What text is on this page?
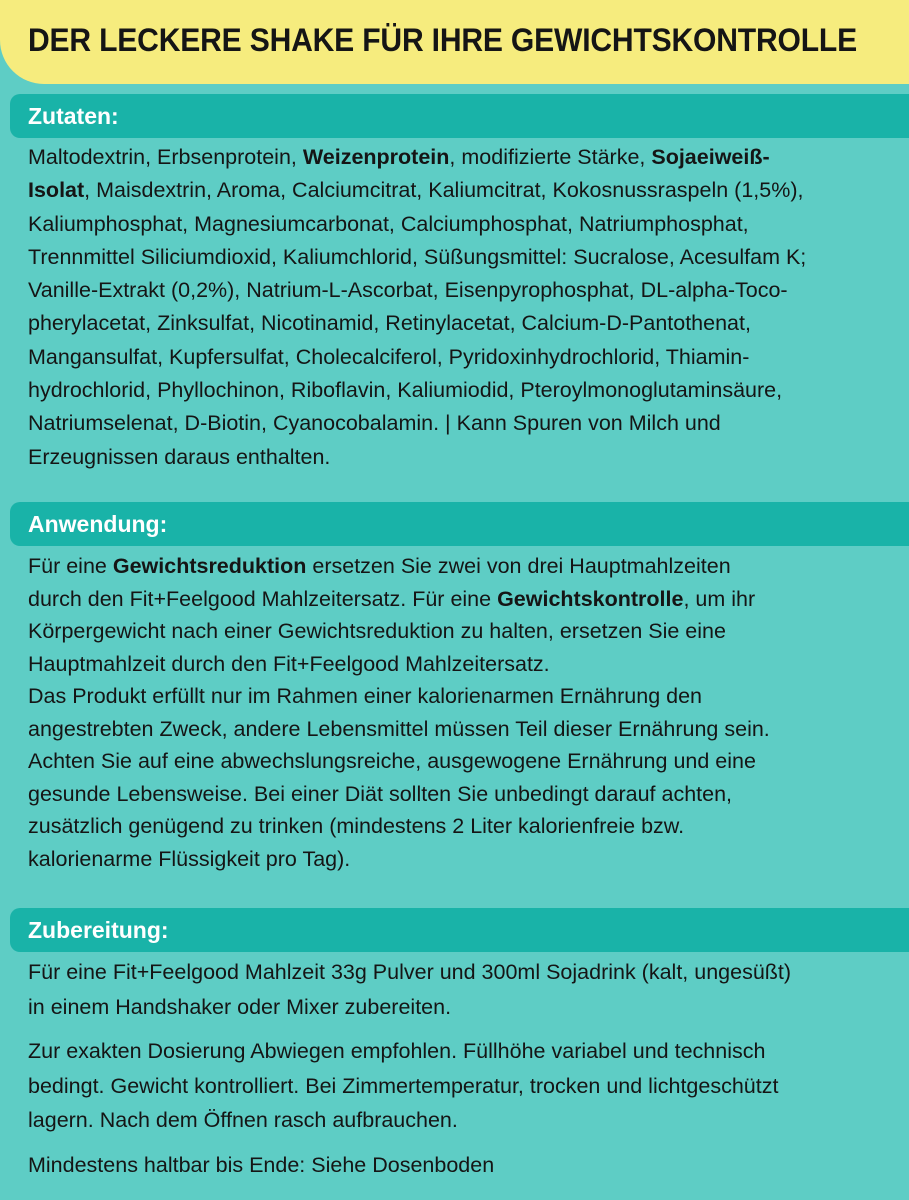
DER LECKERE SHAKE FÜR IHRE GEWICHTSKONTROLLE
Zutaten:

Maltodextrin, Erbsenprotein, Weizenprotein, modifizierte Stärke, Sojaeiweiß-

Isolat, Maisdextrin, Aroma, Calciumcitrat, Kaliumcitrat, Kokosnussraspeln (1,5%),

Kaliumphosphat, Magnesiumcarbonat, Calciumphosphat, Natriumphosphat,

Trennmittel Siliciumdioxid, Kaliumchlorid, Süßungsmittel: Sucralose, Acesulfam K;

Vanille-Extrakt (0,2%), Natrium-L-Ascorbat, Eisenpyrophosphat, DL-alpha-Toco-

pherylacetat, Zinksulfat, Nicotinamid, Retinylacetat, Calcium-D-Pantothenat,

Mangansulfat, Kupfersulfat, Cholecalciferol, Pyridoxinhydrochlorid, Thiamin-

hydrochlorid, Phyllochinon, Riboflavin, Kaliumiodid, Pteroylmonoglutaminsäure,

Natriumselenat, D-Biotin, Cyanocobalamin. | Kann Spuren von Milch und

Erzeugnissen daraus enthalten.

Anwendung:

Für eine Gewichtsreduktion ersetzen Sie zwei von drei Hauptmahlzeiten

durch den Fit+Feelgood Mahlzeitersatz. Für eine Gewichtskontrolle, um ihr

Körpergewicht nach einer Gewichtsreduktion zu halten, ersetzen Sie eine

Hauptmahlzeit durch den Fit+Feelgood Mahlzeitersatz.

Das Produkt erfüllt nur im Rahmen einer kalorienarmen Ernährung den

angestrebten Zweck, andere Lebensmittel müssen Teil dieser Ernährung sein.

Achten Sie auf eine abwechslungsreiche, ausgewogene Ernährung und eine

gesunde Lebensweise. Bei einer Diät sollten Sie unbedingt darauf achten,

zusätzlich genügend zu trinken (mindestens 2 Liter kalorienfreie bzw.

kalorienarme Flüssigkeit pro Tag).

Zubereitung:

Für eine Fit+Feelgood Mahlzeit 33g Pulver und 300ml Sojadrink (kalt, ungesüßt)

in einem Handshaker oder Mixer zubereiten.

Zur exakten Dosierung Abwiegen empfohlen. Füllhöhe variabel und technisch

bedingt. Gewicht kontrolliert. Bei Zimmertemperatur, trocken und lichtgeschützt

lagern. Nach dem Öffnen rasch aufbrauchen.

Mindestens haltbar bis Ende: Siehe Dosenboden
